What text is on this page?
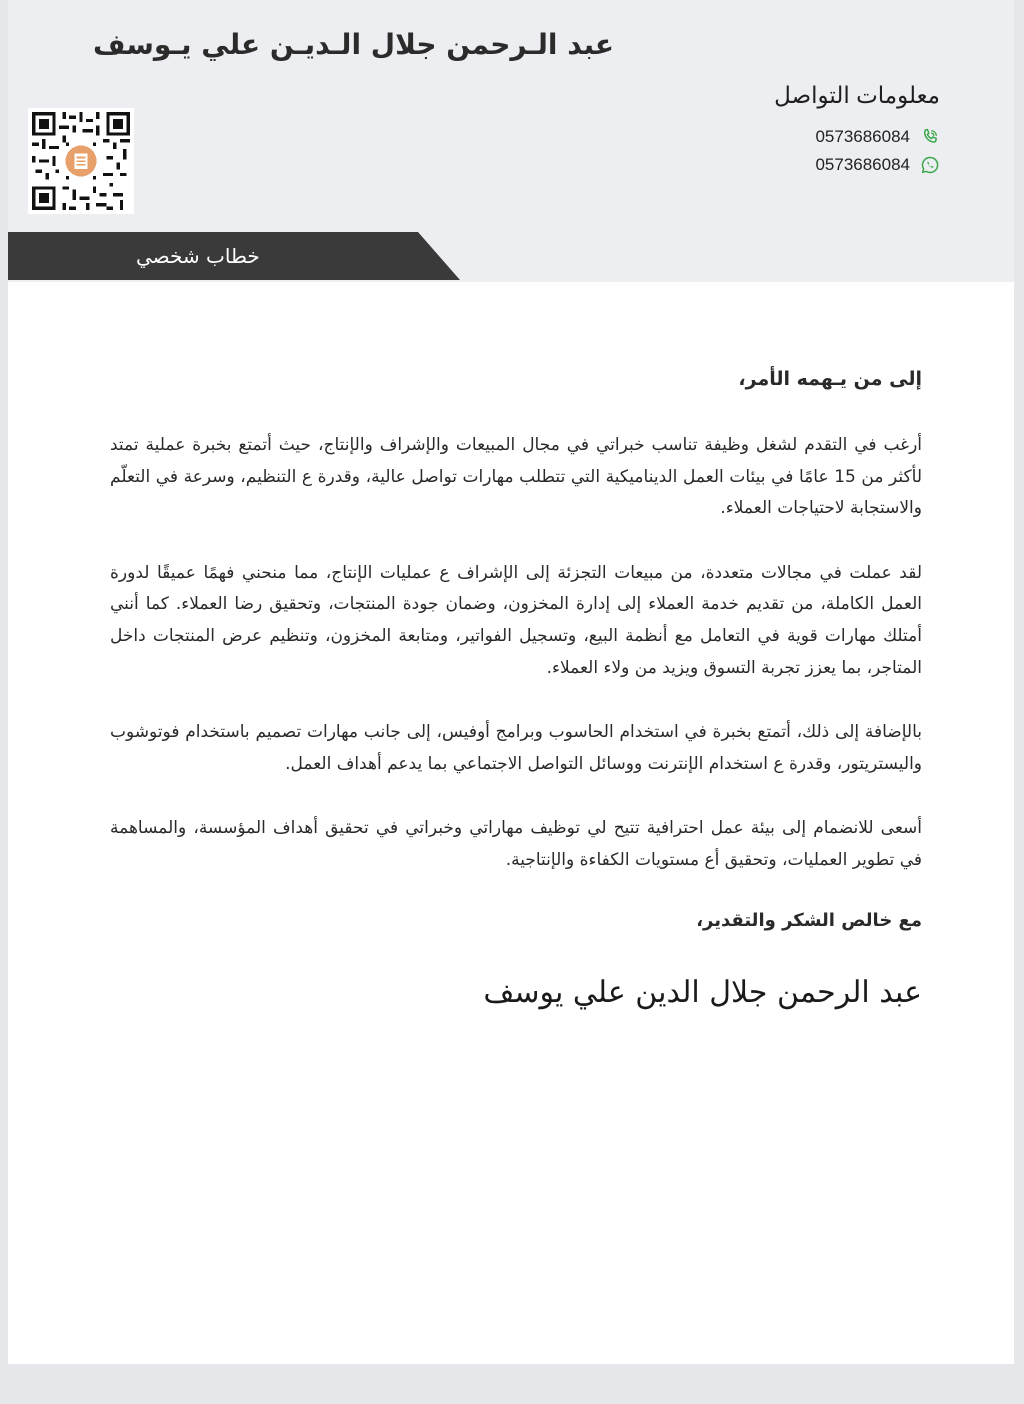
عبد الـرحمن جلال الـديـن علي يـوسف
معلومات التواصل
0573686084
0573686084
خطاب شخصي
إلى من يـهمه الأمر،

أرغب في التقدم لشغل وظيفة تناسب خبراتي في مجال المبيعات والإشراف والإنتاج، حيث أتمتع بخبرة عملية تمتد لأكثر من 15 عامًا في بيئات العمل الديناميكية التي تتطلب مهارات تواصل عالية، وقدرة ع التنظيم، وسرعة في التعلّم والاستجابة لاحتياجات العملاء.

لقد عملت في مجالات متعددة، من مبيعات التجزئة إلى الإشراف ع عمليات الإنتاج، مما منحني فهمًا عميقًا لدورة العمل الكاملة، من تقديم خدمة العملاء إلى إدارة المخزون، وضمان جودة المنتجات، وتحقيق رضا العملاء. كما أنني أمتلك مهارات قوية في التعامل مع أنظمة البيع، وتسجيل الفواتير، ومتابعة المخزون، وتنظيم عرض المنتجات داخل المتاجر، بما يعزز تجربة التسوق ويزيد من ولاء العملاء.

بالإضافة إلى ذلك، أتمتع بخبرة في استخدام الحاسوب وبرامج أوفيس، إلى جانب مهارات تصميم باستخدام فوتوشوب واليستريتور، وقدرة ع استخدام الإنترنت ووسائل التواصل الاجتماعي بما يدعم أهداف العمل.

أسعى للانضمام إلى بيئة عمل احترافية تتيح لي توظيف مهاراتي وخبراتي في تحقيق أهداف المؤسسة، والمساهمة في تطوير العمليات، وتحقيق أع مستويات الكفاءة والإنتاجية.

مع خالص الشكر والتقدير،
عبد الرحمن جلال الدين علي يوسف
